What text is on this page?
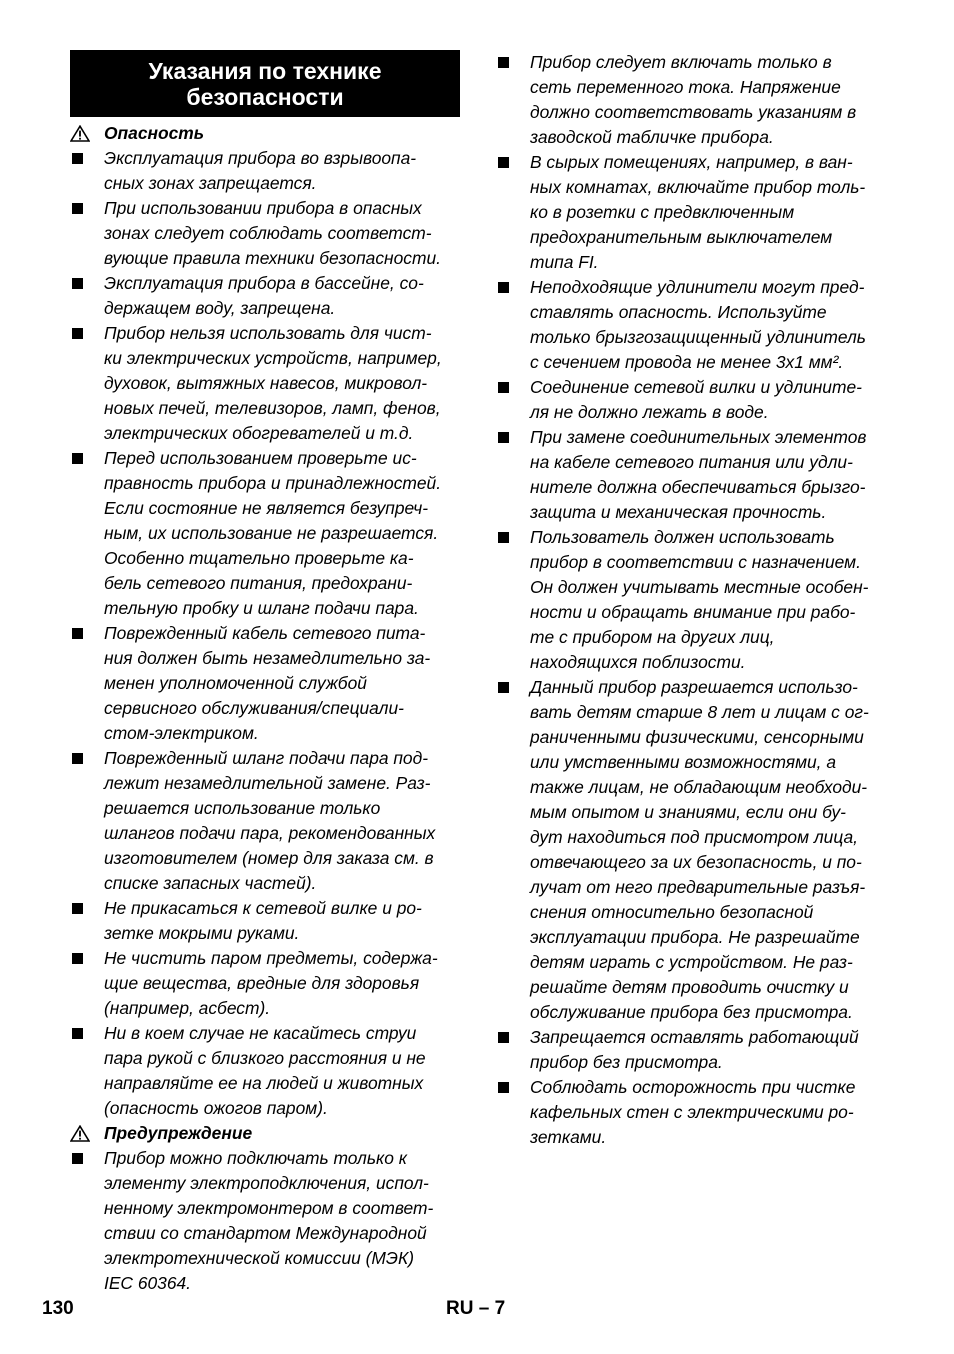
Указания по технике
безопасности
Опасность
Эксплуатация прибора во взрывоопа-
сных зонах запрещается.
При использовании прибора в опасных
зонах следует соблюдать соответст-
вующие правила техники безопасности.
Эксплуатация прибора в бассейне, со-
держащем воду, запрещена.
Прибор нельзя использовать для чист-
ки электрических устройств, например,
духовок, вытяжных навесов, микровол-
новых печей, телевизоров, ламп, фенов,
электрических обогревателей и т.д.
Перед использованием проверьте ис-
правность прибора и принадлежностей.
Если состояние не является безупреч-
ным, их использование не разрешается.
Особенно тщательно проверьте ка-
бель сетевого питания, предохрани-
тельную пробку и шланг подачи пара.
Поврежденный кабель сетевого пита-
ния должен быть незамедлительно за-
менен уполномоченной службой
сервисного обслуживания/специали-
стом-электриком.
Поврежденный шланг подачи пара под-
лежит незамедлительной замене. Раз-
решается использование только
шлангов подачи пара, рекомендованных
изготовителем (номер для заказа см. в
списке запасных частей).
Не прикасаться к сетевой вилке и ро-
зетке мокрыми руками.
Не чистить паром предметы, содержа-
щие вещества, вредные для здоровья
(например, асбест).
Ни в коем случае не касайтесь струи
пара рукой с близкого расстояния и не
направляйте ее на людей и животных
(опасность ожогов паром).
Предупреждение
Прибор можно подключать только к
элементу электроподключения, испол-
ненному электромонтером в соответ-
ствии со стандартом Международной
электротехнической комиссии (МЭК)
IEC 60364.
Прибор следует включать только в
сеть переменного тока. Напряжение
должно соответствовать указаниям в
заводской табличке прибора.
В сырых помещениях, например, в ван-
ных комнатах, включайте прибор толь-
ко в розетки с предвключенным
предохранительным выключателем
типа FI.
Неподходящие удлинители могут пред-
ставлять опасность. Используйте
только брызгозащищенный удлинитель
с сечением провода не менее 3x1 мм².
Соединение сетевой вилки и удлините-
ля не должно лежать в воде.
При замене соединительных элементов
на кабеле сетевого питания или удли-
нителе должна обеспечиваться брызго-
защита и механическая прочность.
Пользователь должен использовать
прибор в соответствии с назначением.
Он должен учитывать местные особен-
ности и обращать внимание при рабо-
те с прибором на других лиц,
находящихся поблизости.
Данный прибор разрешается использо-
вать детям старше 8 лет и лицам с ог-
раниченными физическими, сенсорными
или умственными возможностями, а
также лицам, не обладающим необходи-
мым опытом и знаниями, если они бу-
дут находиться под присмотром лица,
отвечающего за их безопасность, и по-
лучат от него предварительные разъя-
снения относительно безопасной
эксплуатации прибора. Не разрешайте
детям играть с устройством. Не раз-
решайте детям проводить очистку и
обслуживание прибора без присмотра.
Запрещается оставлять работающий
прибор без присмотра.
Соблюдать осторожность при чистке
кафельных стен с электрическими ро-
зетками.
130	RU – 7
